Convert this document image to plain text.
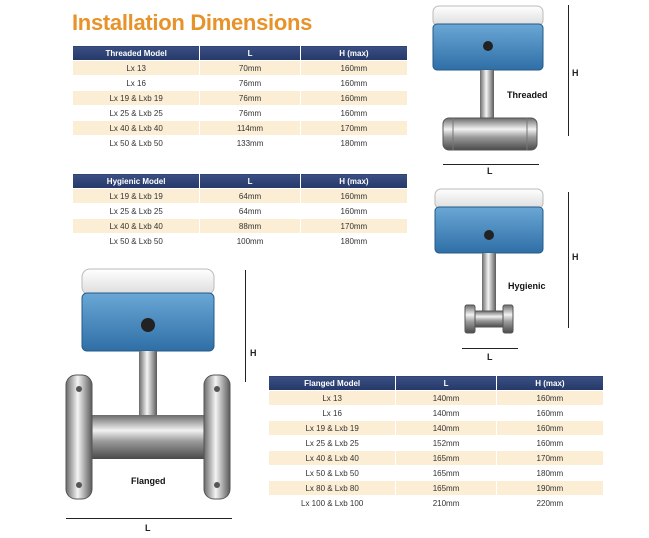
Installation Dimensions
Threaded Model	L	H (max)
Lx 13	70mm	160mm
Lx 16	76mm	160mm
Lx 19 & Lxb 19	76mm	160mm
Lx 25 & Lxb 25	76mm	160mm
Lx 40 & Lxb 40	114mm	170mm
Lx 50 & Lxb 50	133mm	180mm
Hygienic Model	L	H (max)
Lx 19 & Lxb 19	64mm	160mm
Lx 25 & Lxb 25	64mm	160mm
Lx 40 & Lxb 40	88mm	170mm
Lx 50 & Lxb 50	100mm	180mm
Flanged Model	L	H (max)
Lx 13	140mm	160mm
Lx 16	140mm	160mm
Lx 19 & Lxb 19	140mm	160mm
Lx 25 & Lxb 25	152mm	160mm
Lx 40 & Lxb 40	165mm	170mm
Lx 50 & Lxb 50	165mm	180mm
Lx 80 & Lxb 80	165mm	190mm
Lx 100 & Lxb 100	210mm	220mm
H
L
Threaded
H
L
Hygienic
H
L
Flanged
